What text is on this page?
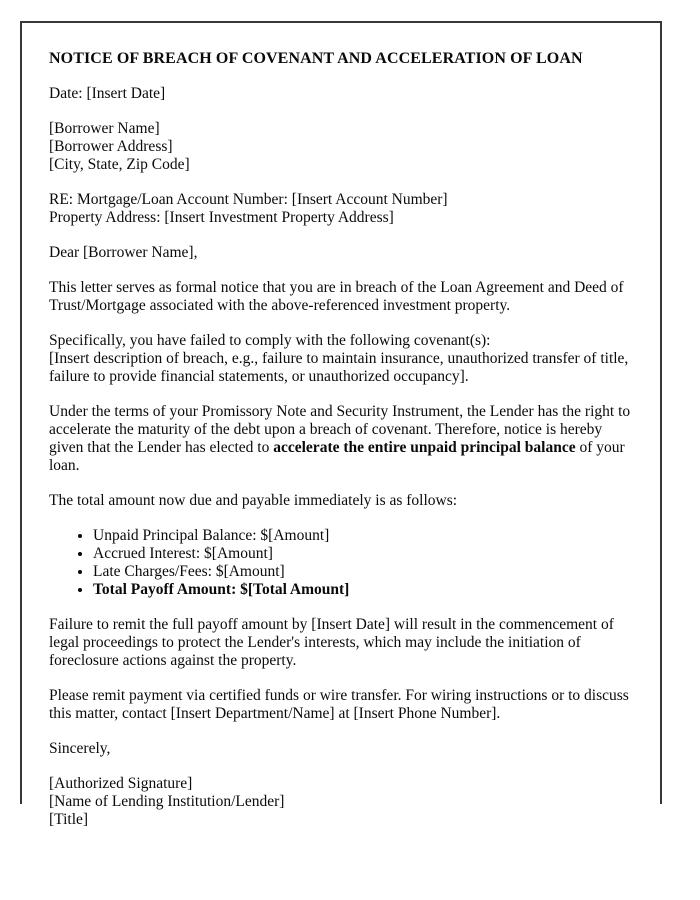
NOTICE OF BREACH OF COVENANT AND ACCELERATION OF LOAN

Date: [Insert Date]

[Borrower Name]

[Borrower Address]

[City, State, Zip Code]

RE: Mortgage/Loan Account Number: [Insert Account Number]

Property Address: [Insert Investment Property Address]

Dear [Borrower Name],

This letter serves as formal notice that you are in breach of the Loan Agreement and Deed of Trust/Mortgage associated with the above-referenced investment property.

Specifically, you have failed to comply with the following covenant(s):

[Insert description of breach, e.g., failure to maintain insurance, unauthorized transfer of title, failure to provide financial statements, or unauthorized occupancy].

Under the terms of your Promissory Note and Security Instrument, the Lender has the right to accelerate the maturity of the debt upon a breach of covenant. Therefore, notice is hereby given that the Lender has elected to accelerate the entire unpaid principal balance of your loan.

The total amount now due and payable immediately is as follows:

• Unpaid Principal Balance: $[Amount]
• Accrued Interest: $[Amount]
• Late Charges/Fees: $[Amount]
• Total Payoff Amount: $[Total Amount]

Failure to remit the full payoff amount by [Insert Date] will result in the commencement of legal proceedings to protect the Lender's interests, which may include the initiation of foreclosure actions against the property.

Please remit payment via certified funds or wire transfer. For wiring instructions or to discuss this matter, contact [Insert Department/Name] at [Insert Phone Number].

Sincerely,

[Authorized Signature]

[Name of Lending Institution/Lender]

[Title]
